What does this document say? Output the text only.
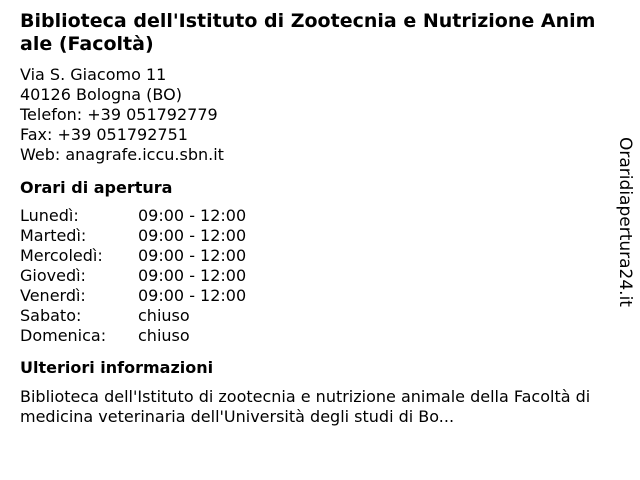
Biblioteca dell'Istituto di Zootecnia e Nutrizione Animale (Facoltà)
Via S. Giacomo 11
40126 Bologna (BO)
Telefon: +39 051792779
Fax: +39 051792751
Web: anagrafe.iccu.sbn.it
Orari di apertura
Lunedì:	09:00 - 12:00
Martedì:	09:00 - 12:00
Mercoledì:	09:00 - 12:00
Giovedì:	09:00 - 12:00
Venerdì:	09:00 - 12:00
Sabato:	chiuso
Domenica:	chiuso
Ulteriori informazioni
Biblioteca dell'Istituto di zootecnia e nutrizione animale della Facoltà di medicina veterinaria dell'Università degli studi di Bo...
Oraridiapertura24.it
